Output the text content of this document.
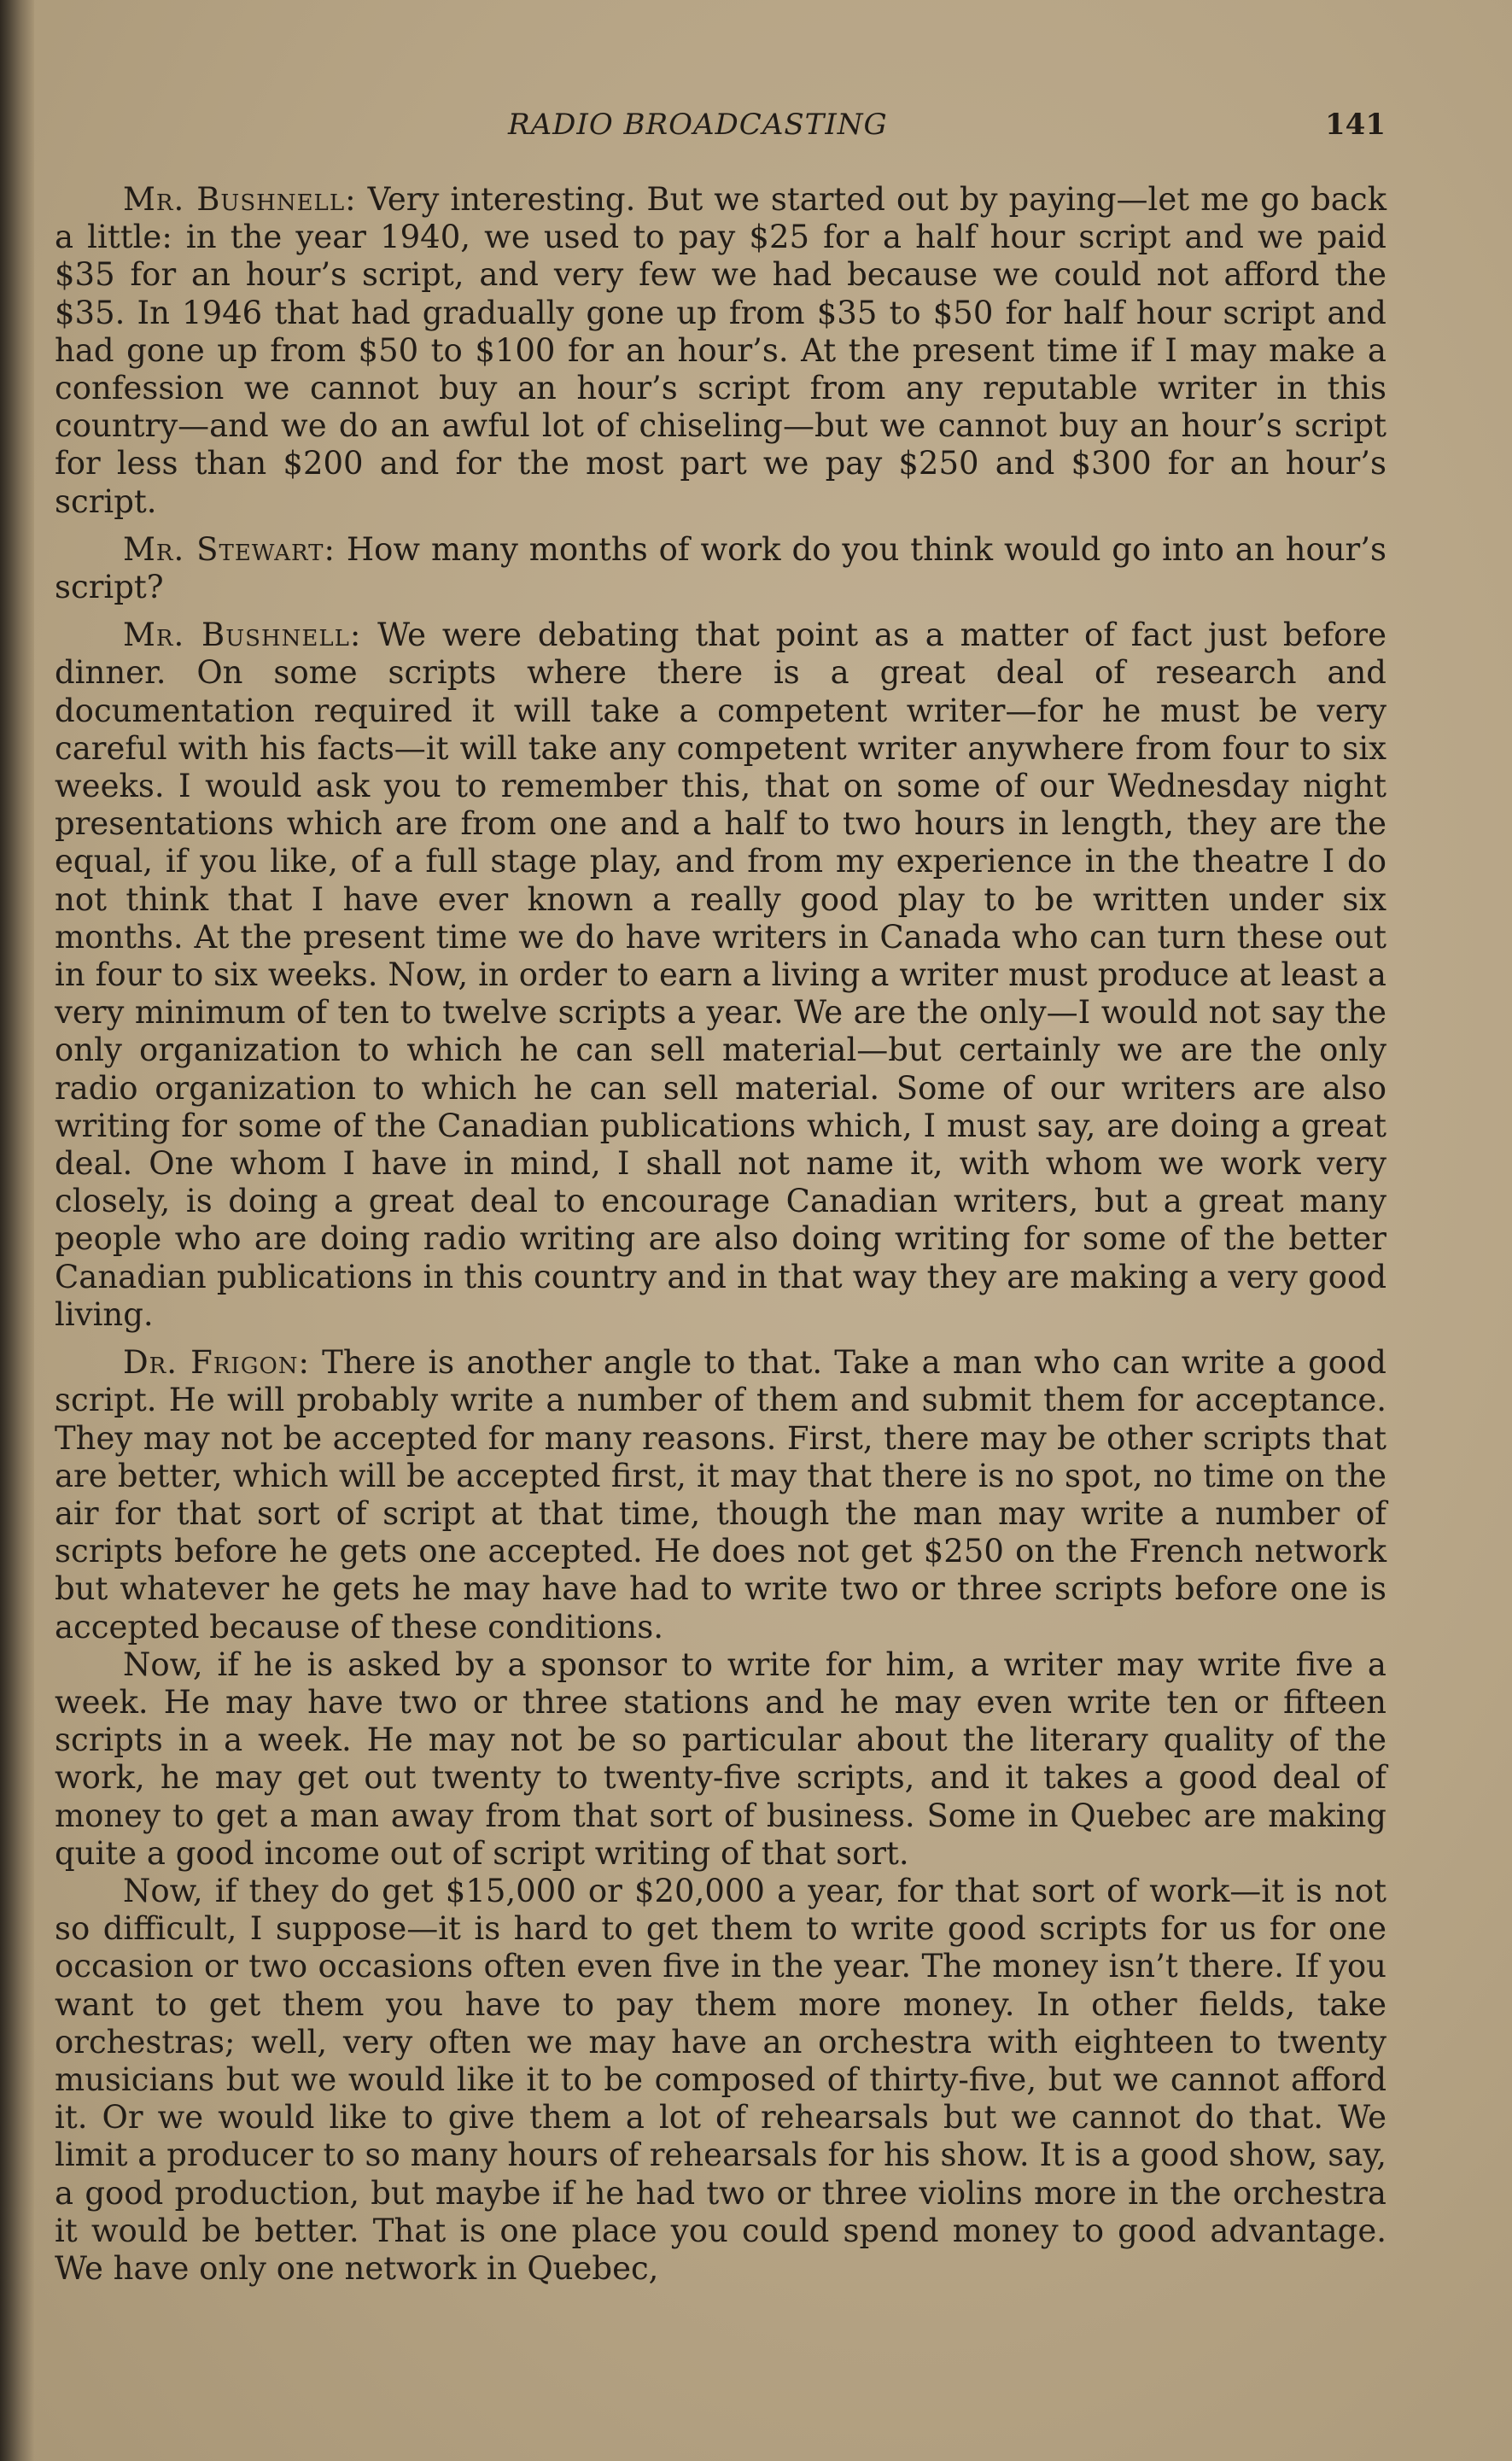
RADIO BROADCASTING	141

Mr. Bushnell: Very interesting. But we started out by paying—let me go back a little: in the year 1940, we used to pay $25 for a half hour script and we paid $35 for an hour’s script, and very few we had because we could not afford the $35. In 1946 that had gradually gone up from $35 to $50 for half hour script and had gone up from $50 to $100 for an hour’s. At the present time if I may make a confession we cannot buy an hour’s script from any reputable writer in this country—and we do an awful lot of chiseling—but we cannot buy an hour’s script for less than $200 and for the most part we pay $250 and $300 for an hour’s script.

Mr. Stewart: How many months of work do you think would go into an hour’s script?

Mr. Bushnell: We were debating that point as a matter of fact just before dinner. On some scripts where there is a great deal of research and documentation required it will take a competent writer—for he must be very careful with his facts—it will take any competent writer anywhere from four to six weeks. I would ask you to remember this, that on some of our Wednesday night presentations which are from one and a half to two hours in length, they are the equal, if you like, of a full stage play, and from my experience in the theatre I do not think that I have ever known a really good play to be written under six months. At the present time we do have writers in Canada who can turn these out in four to six weeks. Now, in order to earn a living a writer must produce at least a very minimum of ten to twelve scripts a year. We are the only—I would not say the only organization to which he can sell material—but certainly we are the only radio organization to which he can sell material. Some of our writers are also writing for some of the Canadian publications which, I must say, are doing a great deal. One whom I have in mind, I shall not name it, with whom we work very closely, is doing a great deal to encourage Canadian writers, but a great many people who are doing radio writing are also doing writing for some of the better Canadian publications in this country and in that way they are making a very good living.

Dr. Frigon: There is another angle to that. Take a man who can write a good script. He will probably write a number of them and submit them for acceptance. They may not be accepted for many reasons. First, there may be other scripts that are better, which will be accepted first, it may that there is no spot, no time on the air for that sort of script at that time, though the man may write a number of scripts before he gets one accepted. He does not get $250 on the French network but whatever he gets he may have had to write two or three scripts before one is accepted because of these conditions.

Now, if he is asked by a sponsor to write for him, a writer may write five a week. He may have two or three stations and he may even write ten or fifteen scripts in a week. He may not be so particular about the literary quality of the work, he may get out twenty to twenty-five scripts, and it takes a good deal of money to get a man away from that sort of business. Some in Quebec are making quite a good income out of script writing of that sort.

Now, if they do get $15,000 or $20,000 a year, for that sort of work—it is not so difficult, I suppose—it is hard to get them to write good scripts for us for one occasion or two occasions often even five in the year. The money isn’t there. If you want to get them you have to pay them more money. In other fields, take orchestras; well, very often we may have an orchestra with eighteen to twenty musicians but we would like it to be composed of thirty-five, but we cannot afford it. Or we would like to give them a lot of rehearsals but we cannot do that. We limit a producer to so many hours of rehearsals for his show. It is a good show, say, a good production, but maybe if he had two or three violins more in the orchestra it would be better. That is one place you could spend money to good advantage. We have only one network in Quebec,
